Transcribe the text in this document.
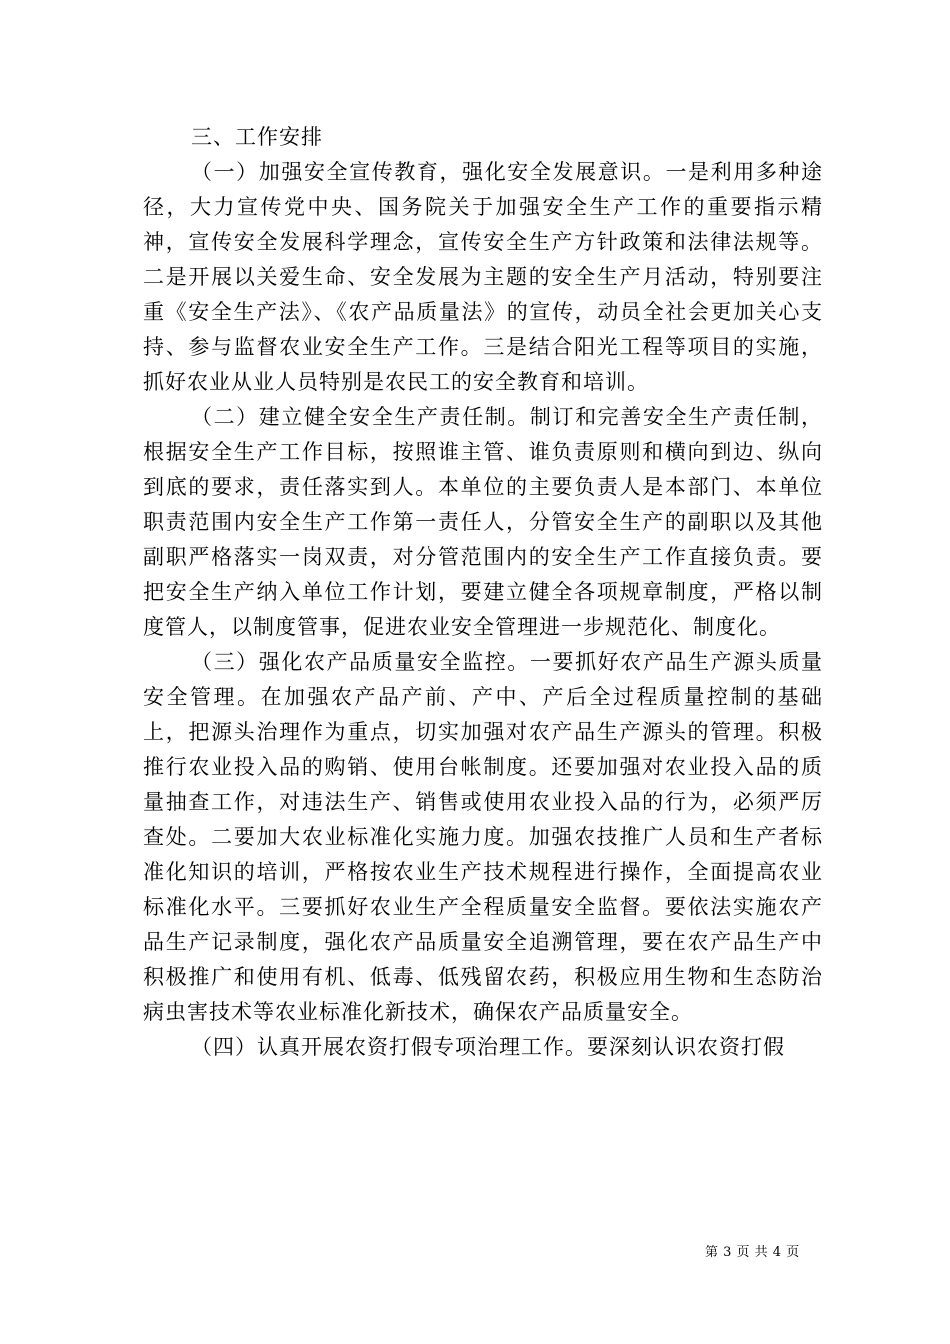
三、工作安排

（一）加强安全宣传教育，强化安全发展意识。一是利用多种途径，大力宣传党中央、国务院关于加强安全生产工作的重要指示精神，宣传安全发展科学理念，宣传安全生产方针政策和法律法规等。二是开展以关爱生命、安全发展为主题的安全生产月活动，特别要注重《安全生产法》、《农产品质量法》的宣传，动员全社会更加关心支持、参与监督农业安全生产工作。三是结合阳光工程等项目的实施，抓好农业从业人员特别是农民工的安全教育和培训。

（二）建立健全安全生产责任制。制订和完善安全生产责任制，根据安全生产工作目标，按照谁主管、谁负责原则和横向到边、纵向到底的要求，责任落实到人。本单位的主要负责人是本部门、本单位职责范围内安全生产工作第一责任人，分管安全生产的副职以及其他副职严格落实一岗双责，对分管范围内的安全生产工作直接负责。要把安全生产纳入单位工作计划，要建立健全各项规章制度，严格以制度管人，以制度管事，促进农业安全管理进一步规范化、制度化。

（三）强化农产品质量安全监控。一要抓好农产品生产源头质量安全管理。在加强农产品产前、产中、产后全过程质量控制的基础上，把源头治理作为重点，切实加强对农产品生产源头的管理。积极推行农业投入品的购销、使用台帐制度。还要加强对农业投入品的质量抽查工作，对违法生产、销售或使用农业投入品的行为，必须严厉查处。二要加大农业标准化实施力度。加强农技推广人员和生产者标准化知识的培训，严格按农业生产技术规程进行操作，全面提高农业标准化水平。三要抓好农业生产全程质量安全监督。要依法实施农产品生产记录制度，强化农产品质量安全追溯管理，要在农产品生产中积极推广和使用有机、低毒、低残留农药，积极应用生物和生态防治病虫害技术等农业标准化新技术，确保农产品质量安全。

（四）认真开展农资打假专项治理工作。要深刻认识农资打假

第 3 页 共 4 页
